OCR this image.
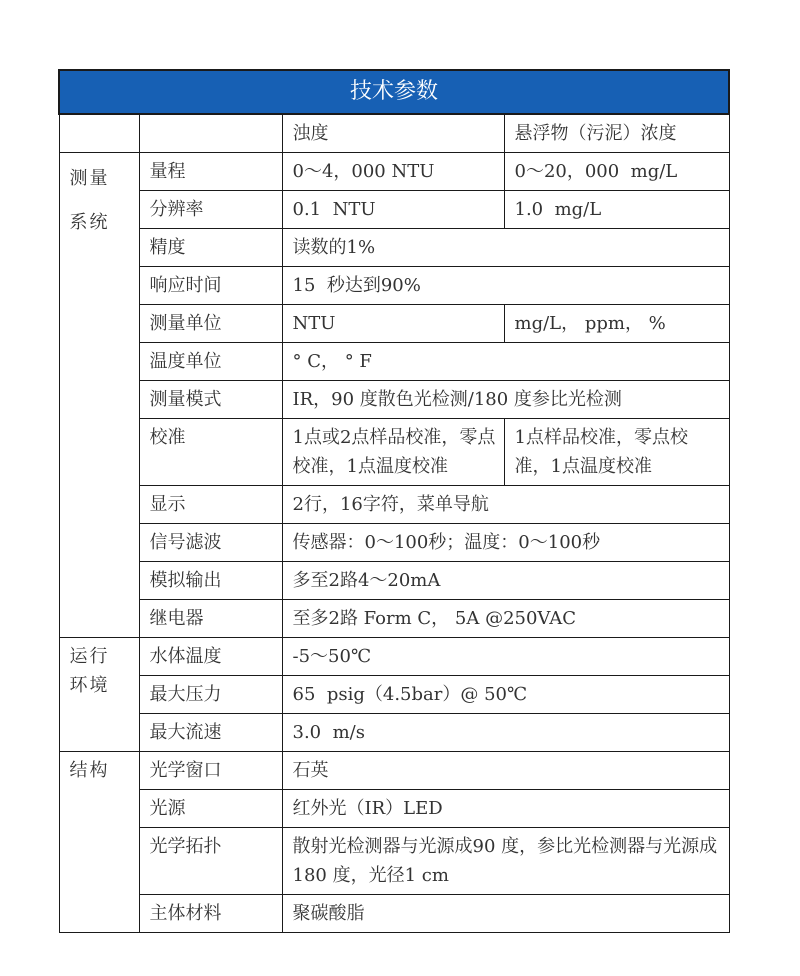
技术参数			
		浊度	悬浮物（污泥）浓度

测量
系统	量程	0～4，000 NTU	0～20，000  mg/L
	分辨率	0.1  NTU	1.0  mg/L
	精度	读数的1%	
	响应时间	15  秒达到90%	
	测量单位	NTU	mg/L， ppm， %
	温度单位	° C， ° F	
	测量模式	IR，90 度散色光检测/180 度参比光检测	
	校准	1点或2点样品校准，零点校准，1点温度校准	1点样品校准，零点校准，1点温度校准
	显示	2行，16字符，菜单导航	
	信号滤波	传感器：0～100秒；温度：0～100秒	
	模拟输出	多至2路4～20mA	
	继电器	至多2路 Form C， 5A @250VAC	

运行
环境	水体温度	-5～50℃	
	最大压力	65  psig（4.5bar）@ 50℃	
	最大流速	3.0  m/s	

结构	光学窗口	石英	
	光源	红外光（IR）LED	
	光学拓扑	散射光检测器与光源成90 度，参比光检测器与光源成180 度，光径1 cm	
	主体材料	聚碳酸脂	
